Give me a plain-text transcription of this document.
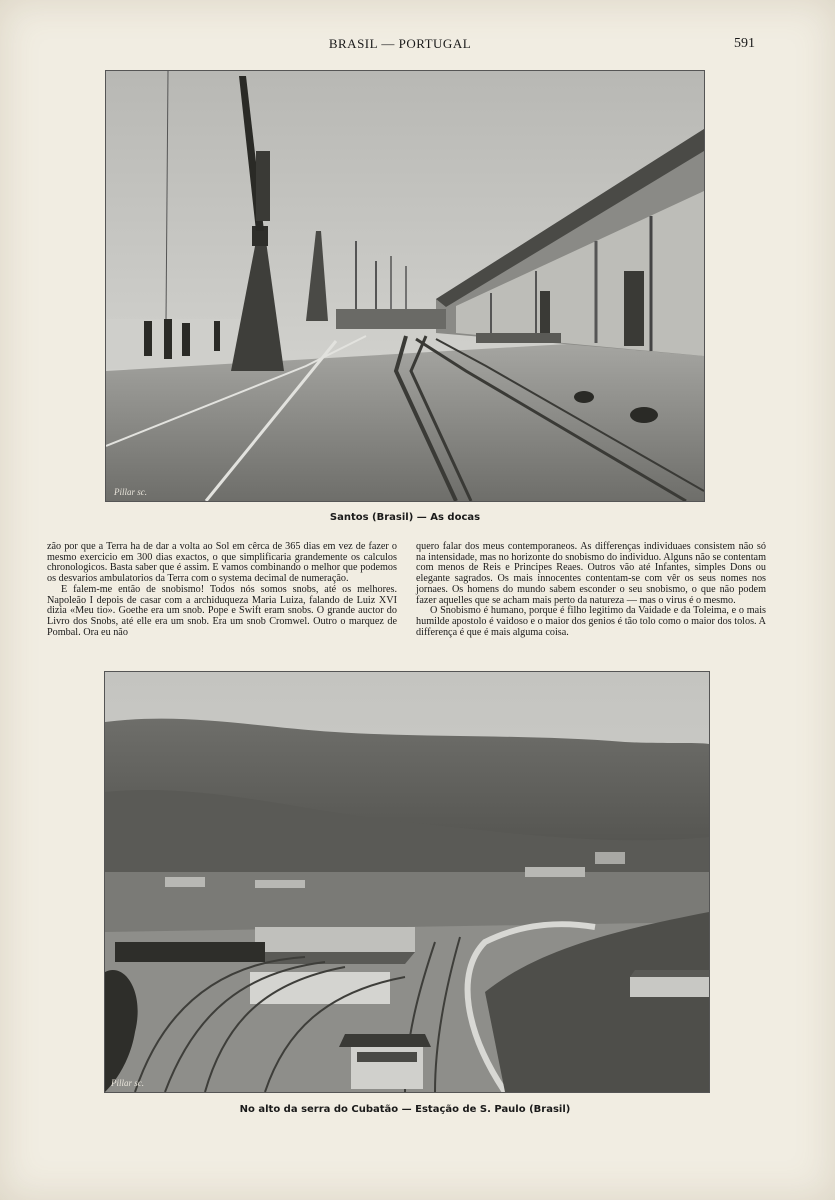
BRASIL — PORTUGAL	591
Pillar sc.
Santos (Brasil) — As docas

zão por que a Terra ha de dar a volta ao Sol em cêrca de 365 dias em vez de fazer o mesmo exercicio em 300 dias exactos, o que simplificaria grandemente os calculos chronologicos. Basta saber que é assim. E vamos combinando o melhor que podemos os desvarios ambulatorios da Terra com o systema decimal de numeração.

E falem-me então de snobismo! Todos nós somos snobs, até os melhores. Napoleão I depois de casar com a archiduqueza Maria Luiza, falando de Luiz XVI dizia «Meu tio». Goethe era um snob. Pope e Swift eram snobs. O grande auctor do Livro dos Snobs, até elle era um snob. Era um snob Cromwel. Outro o marquez de Pombal. Ora eu não

quero falar dos meus contemporaneos. As differenças individuaes consistem não só na intensidade, mas no horizonte do snobismo do individuo. Alguns não se contentam com menos de Reis e Principes Reaes. Outros vão até Infantes, simples Dons ou elegante sagrados. Os mais innocentes contentam-se com vêr os seus nomes nos jornaes. Os homens do mundo sabem esconder o seu snobismo, o que não podem fazer aquelles que se acham mais perto da natureza — mas o virus é o mesmo.

O Snobismo é humano, porque é filho legitimo da Vaidade e da Toleima, e o mais humilde apostolo é vaidoso e o maior dos genios é tão tolo como o maior dos tolos. A differença é que é mais alguma coisa.

Pillar sc.
No alto da serra do Cubatão — Estação de S. Paulo (Brasil)
